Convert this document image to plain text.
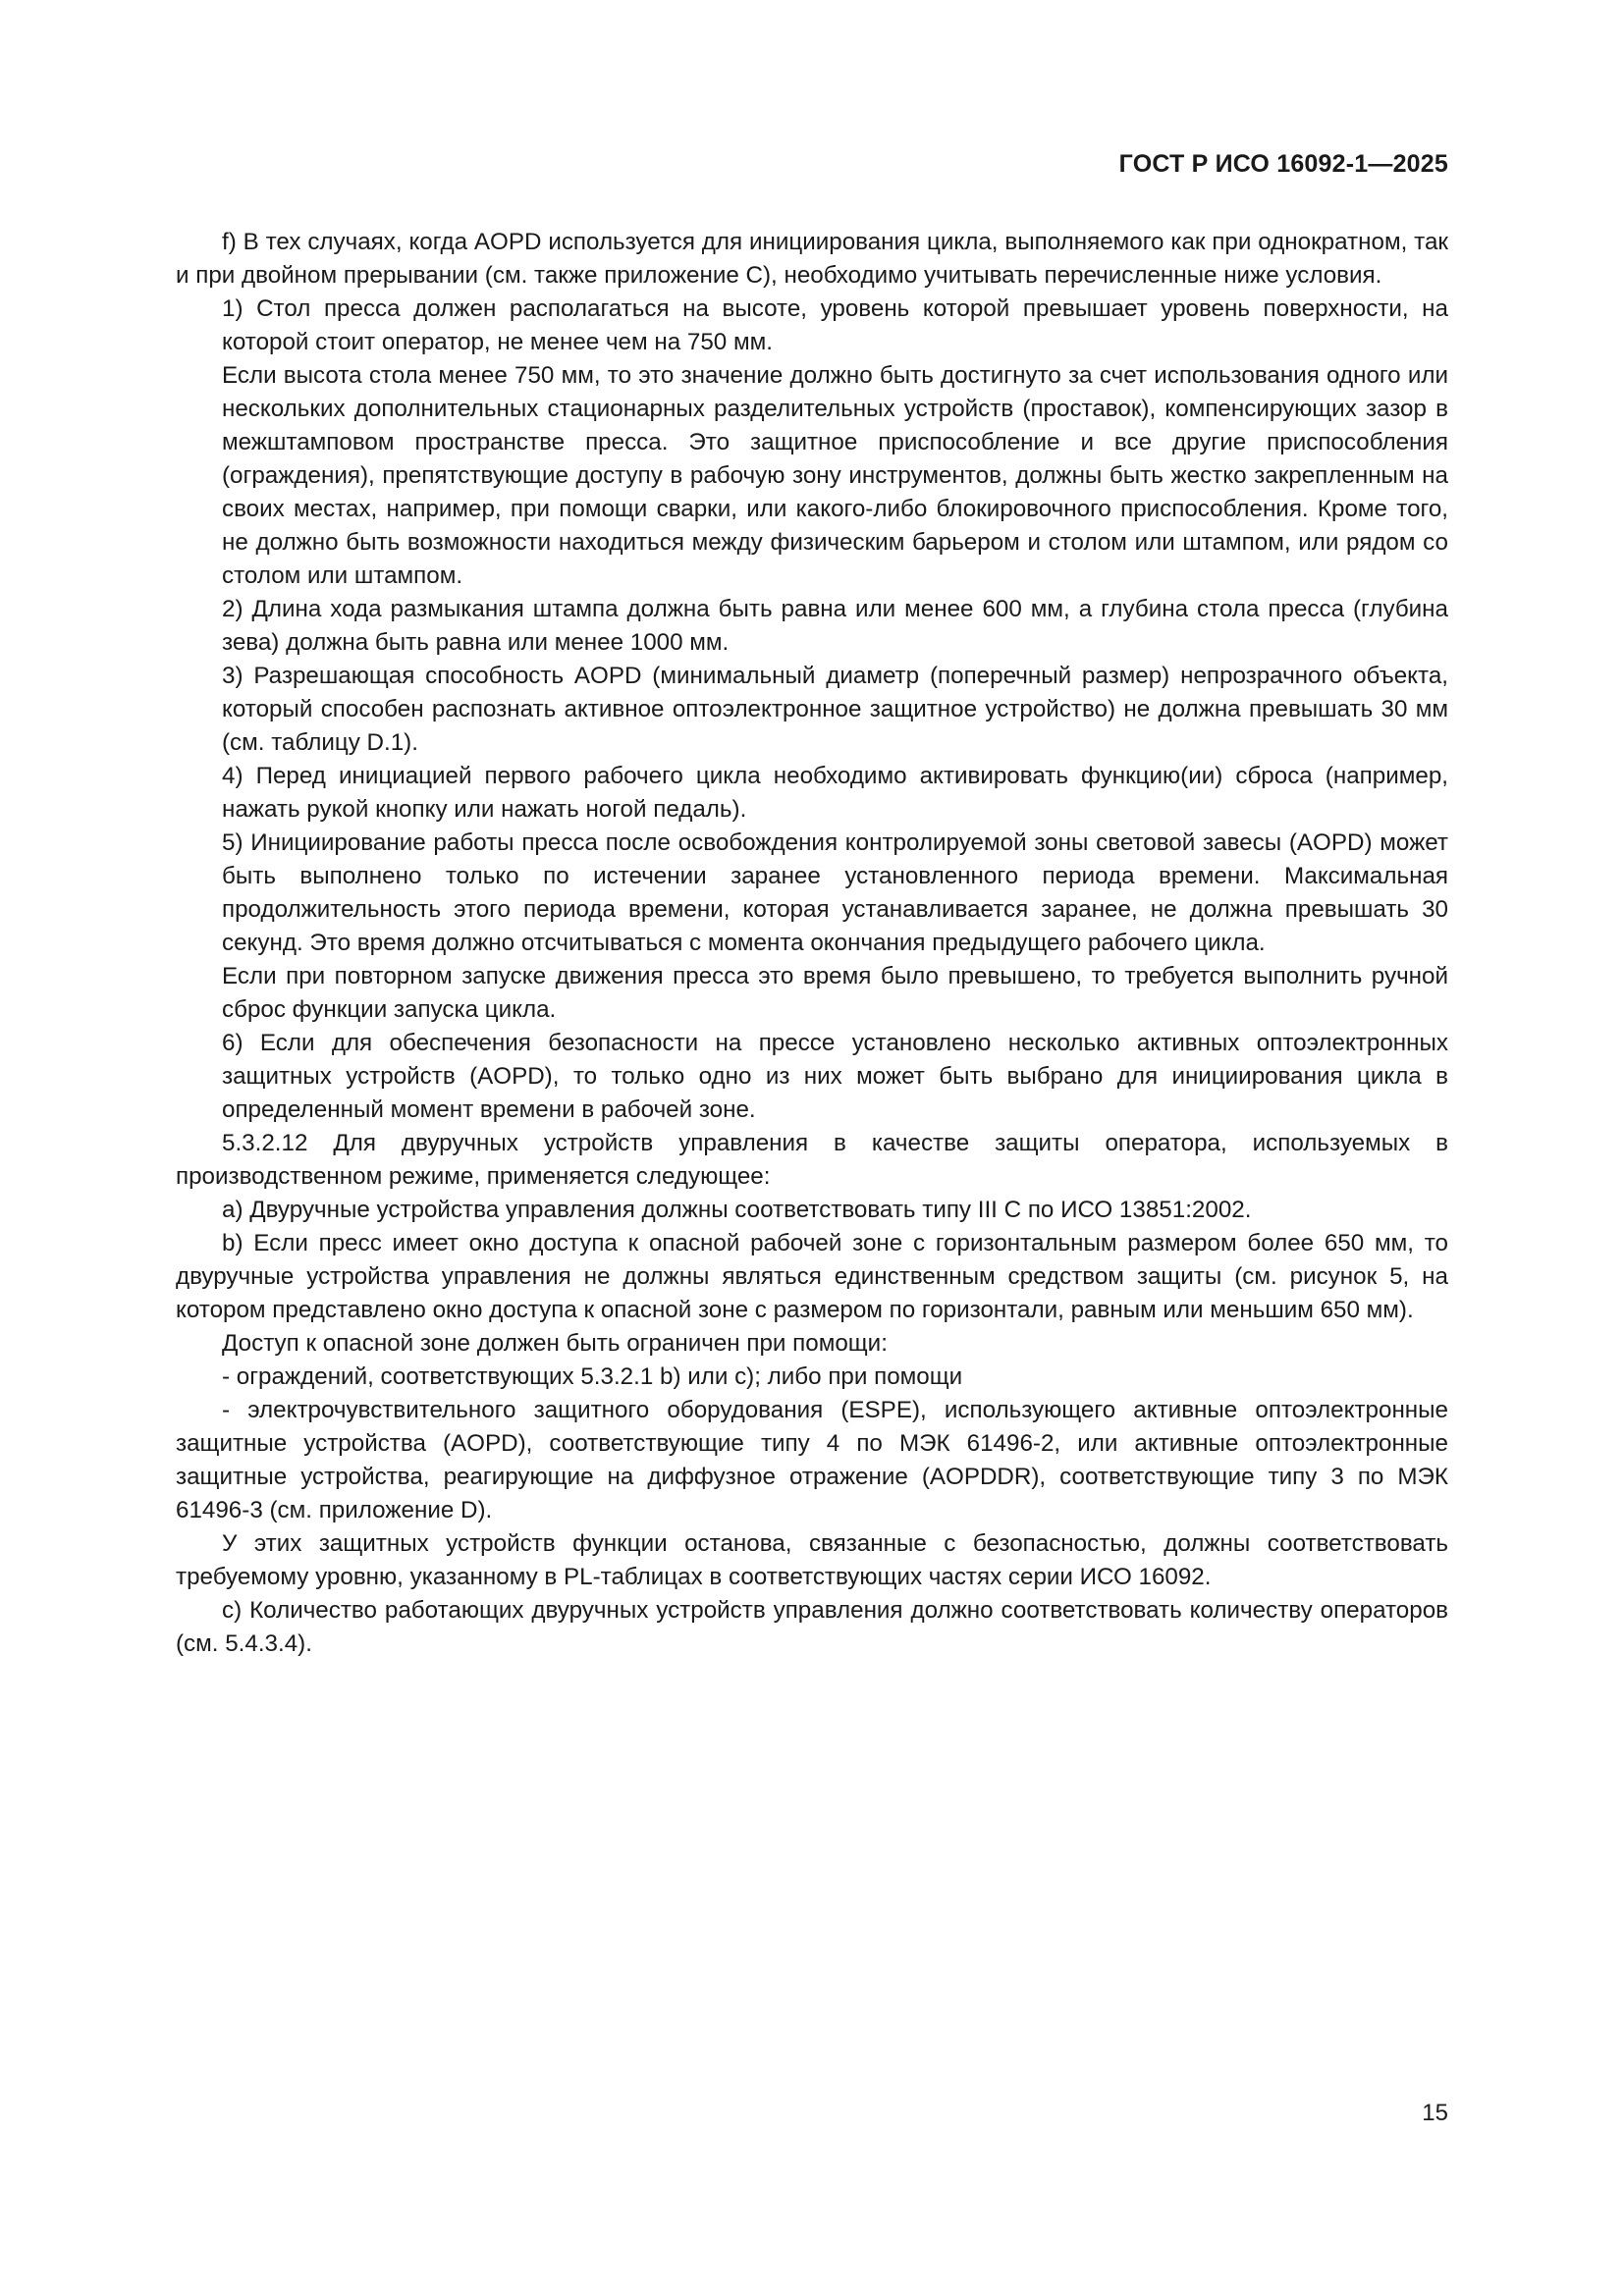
ГОСТ Р ИСО 16092-1—2025

f) В тех случаях, когда AOPD используется для инициирования цикла, выполняемого как при однократном, так и при двойном прерывании (см. также приложение С), необходимо учитывать перечисленные ниже условия.

1) Стол пресса должен располагаться на высоте, уровень которой превышает уровень поверхности, на которой стоит оператор, не менее чем на 750 мм.

Если высота стола менее 750 мм, то это значение должно быть достигнуто за счет использования одного или нескольких дополнительных стационарных разделительных устройств (проставок), компенсирующих зазор в межштамповом пространстве пресса. Это защитное приспособление и все другие приспособления (ограждения), препятствующие доступу в рабочую зону инструментов, должны быть жестко закрепленным на своих местах, например, при помощи сварки, или какого-либо блокировочного приспособления. Кроме того, не должно быть возможности находиться между физическим барьером и столом или штампом, или рядом со столом или штампом.

2) Длина хода размыкания штампа должна быть равна или менее 600 мм, а глубина стола пресса (глубина зева) должна быть равна или менее 1000 мм.

3) Разрешающая способность AOPD (минимальный диаметр (поперечный размер) непрозрачного объекта, который способен распознать активное оптоэлектронное защитное устройство) не должна превышать 30 мм (см. таблицу D.1).

4) Перед инициацией первого рабочего цикла необходимо активировать функцию(ии) сброса (например, нажать рукой кнопку или нажать ногой педаль).

5) Инициирование работы пресса после освобождения контролируемой зоны световой завесы (AOPD) может быть выполнено только по истечении заранее установленного периода времени. Максимальная продолжительность этого периода времени, которая устанавливается заранее, не должна превышать 30 секунд. Это время должно отсчитываться с момента окончания предыдущего рабочего цикла.

Если при повторном запуске движения пресса это время было превышено, то требуется выполнить ручной сброс функции запуска цикла.

6) Если для обеспечения безопасности на прессе установлено несколько активных оптоэлектронных защитных устройств (AOPD), то только одно из них может быть выбрано для инициирования цикла в определенный момент времени в рабочей зоне.

5.3.2.12 Для двуручных устройств управления в качестве защиты оператора, используемых в производственном режиме, применяется следующее:

a) Двуручные устройства управления должны соответствовать типу III С по ИСО 13851:2002.

b) Если пресс имеет окно доступа к опасной рабочей зоне с горизонтальным размером более 650 мм, то двуручные устройства управления не должны являться единственным средством защиты (см. рисунок 5, на котором представлено окно доступа к опасной зоне с размером по горизонтали, равным или меньшим 650 мм).

Доступ к опасной зоне должен быть ограничен при помощи:

- ограждений, соответствующих 5.3.2.1 b) или с); либо при помощи

- электрочувствительного защитного оборудования (ESPE), использующего активные оптоэлектронные защитные устройства (AOPD), соответствующие типу 4 по МЭК 61496-2, или активные оптоэлектронные защитные устройства, реагирующие на диффузное отражение (AOPDDR), соответствующие типу 3 по МЭК 61496-3 (см. приложение D).

У этих защитных устройств функции останова, связанные с безопасностью, должны соответствовать требуемому уровню, указанному в PL-таблицах в соответствующих частях серии ИСО 16092.

с) Количество работающих двуручных устройств управления должно соответствовать количеству операторов (см. 5.4.3.4).

15
